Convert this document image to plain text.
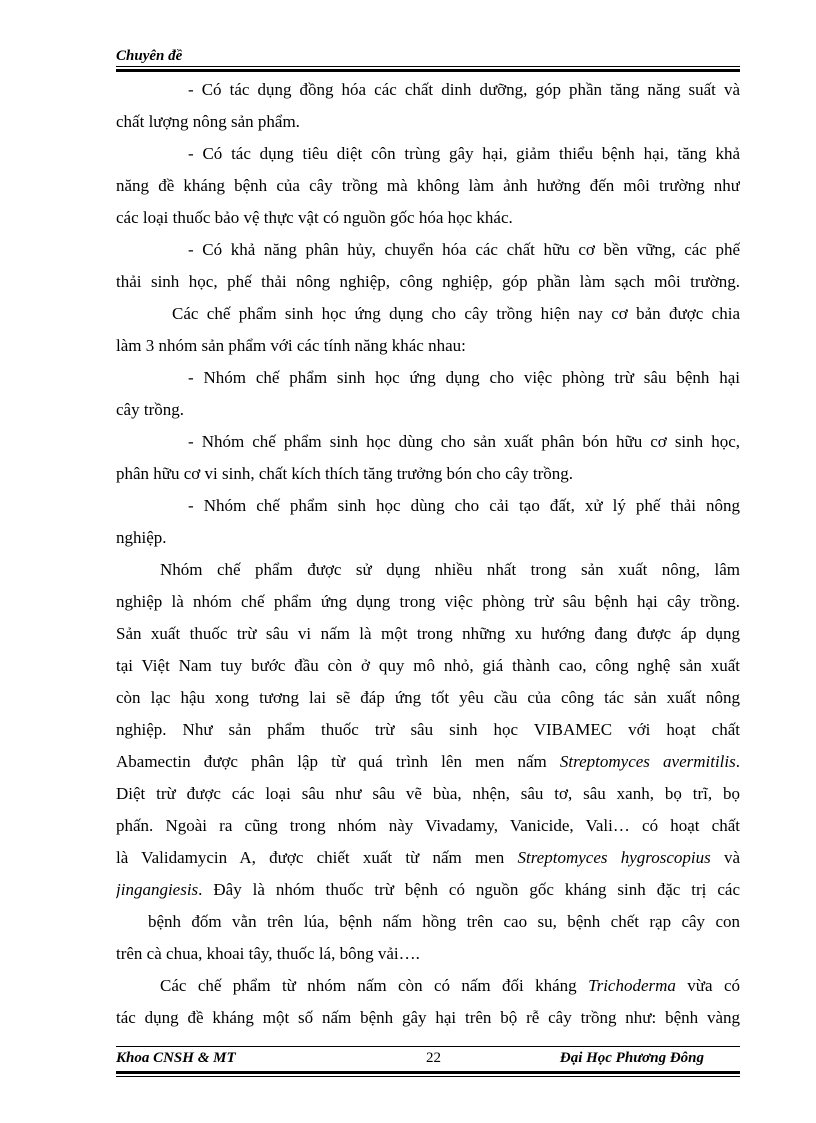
Chuyên đề
- Có tác dụng đồng hóa các chất dinh dưỡng, góp phần tăng năng suất và
chất lượng nông sản phẩm.
- Có tác dụng tiêu diệt côn trùng gây hại, giảm thiểu bệnh hại, tăng khả
năng đề kháng bệnh của cây trồng mà không làm ảnh hưởng đến môi trường như
các loại thuốc bảo vệ thực vật có nguồn gốc hóa học khác.
- Có khả năng phân hủy, chuyển hóa các chất hữu cơ bền vững, các phế
thải sinh học, phế thải nông nghiệp, công nghiệp, góp phần làm sạch môi trường.
Các chế phẩm sinh học ứng dụng cho cây trồng hiện nay cơ bản được chia
làm 3 nhóm sản phẩm với các tính năng khác nhau:
- Nhóm chế phẩm sinh học ứng dụng cho việc phòng trừ sâu bệnh hại
cây trồng.
- Nhóm chế phẩm sinh học dùng cho sản xuất phân bón hữu cơ sinh học,
phân hữu cơ vi sinh, chất kích thích tăng trưởng bón cho cây trồng.
- Nhóm chế phẩm sinh học dùng cho cải tạo đất, xử lý phế thải nông
nghiệp.
Nhóm chế phẩm được sử dụng nhiều nhất trong sản xuất nông, lâm
nghiệp là nhóm chế phẩm ứng dụng trong việc phòng trừ sâu bệnh hại cây trồng.
Sản xuất thuốc trừ sâu vi nấm là một trong những xu hướng đang được áp dụng
tại Việt Nam tuy bước đầu còn ở quy mô nhỏ, giá thành cao, công nghệ sản xuất
còn lạc hậu xong tương lai sẽ đáp ứng tốt yêu cầu của công tác sản xuất nông
nghiệp. Như sản phẩm thuốc trừ sâu sinh học VIBAMEC với hoạt chất
Abamectin được phân lập từ quá trình lên men nấm Streptomyces avermitilis.
Diệt trừ được các loại sâu như sâu vẽ bùa, nhện, sâu tơ, sâu xanh, bọ trĩ, bọ
phấn. Ngoài ra cũng trong nhóm này Vivadamy, Vanicide, Vali… có hoạt chất
là Validamycin A, được chiết xuất từ nấm men Streptomyces hygroscopius và
jingangiesis. Đây là nhóm thuốc trừ bệnh có nguồn gốc kháng sinh đặc trị các
bệnh đốm vằn trên lúa, bệnh nấm hồng trên cao su, bệnh chết rạp cây con
trên cà chua, khoai tây, thuốc lá, bông vải….
Các chế phẩm từ nhóm nấm còn có nấm đối kháng Trichoderma vừa có
tác dụng đề kháng một số nấm bệnh gây hại trên bộ rễ cây trồng như: bệnh vàng
Khoa CNSH & MT	22	Đại Học Phương Đông
